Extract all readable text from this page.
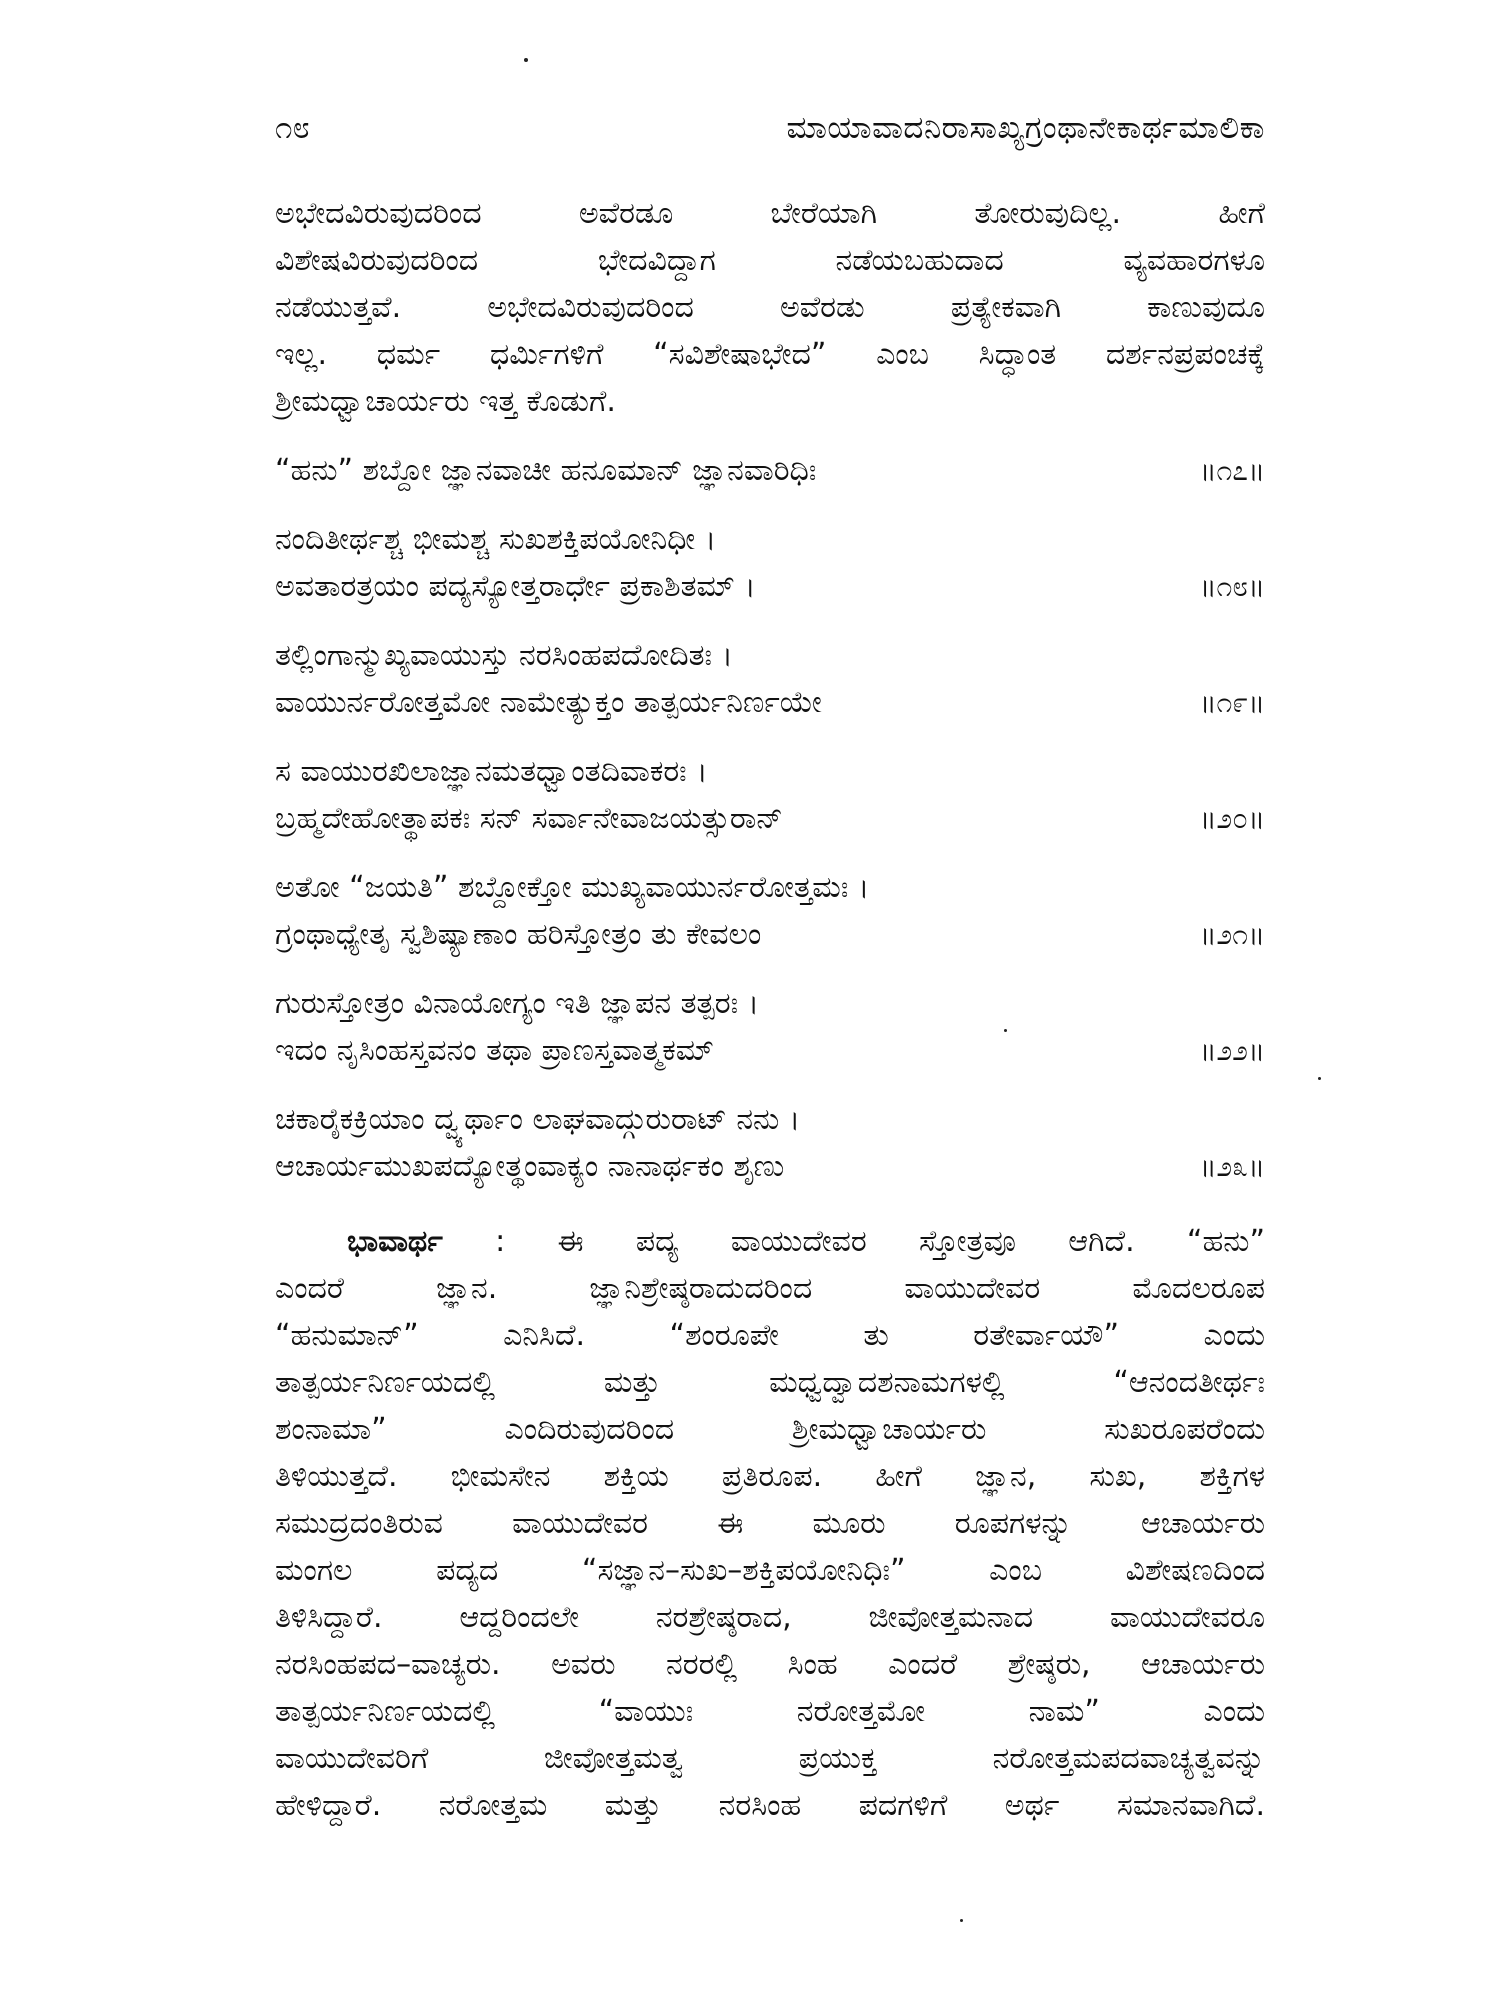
೧೮	ಮಾಯಾವಾದನಿರಾಸಾಖ್ಯಗ್ರಂಥಾನೇಕಾರ್ಥಮಾಲಿಕಾ

ಅಭೇದವಿರುವುದರಿಂದ ಅವೆರಡೂ ಬೇರೆಯಾಗಿ ತೋರುವುದಿಲ್ಲ. ಹೀಗೆ
ವಿಶೇಷವಿರುವುದರಿಂದ ಭೇದವಿದ್ದಾಗ ನಡೆಯಬಹುದಾದ ವ್ಯವಹಾರಗಳೂ
ನಡೆಯುತ್ತವೆ. ಅಭೇದವಿರುವುದರಿಂದ ಅವೆರಡು ಪ್ರತ್ಯೇಕವಾಗಿ ಕಾಣುವುದೂ
ಇಲ್ಲ. ಧರ್ಮ ಧರ್ಮಿಗಳಿಗೆ “ಸವಿಶೇಷಾಭೇದ” ಎಂಬ ಸಿದ್ಧಾಂತ ದರ್ಶನಪ್ರಪಂಚಕ್ಕೆ
ಶ್ರೀಮಧ್ವಾಚಾರ್ಯರು ಇತ್ತ ಕೊಡುಗೆ.

“ಹನು” ಶಬ್ದೋ ಜ್ಞಾನವಾಚೀ ಹನೂಮಾನ್ ಜ್ಞಾನವಾರಿಧಿಃ	॥೧೭॥
ನಂದಿತೀರ್ಥಶ್ಚ ಭೀಮಶ್ಚ ಸುಖಶಕ್ತಿಪಯೋನಿಧೀ ।
ಅವತಾರತ್ರಯಂ ಪದ್ಯಸ್ಯೋತ್ತರಾರ್ಧೇ ಪ್ರಕಾಶಿತಮ್ ।	॥೧೮॥
ತಲ್ಲಿಂಗಾನ್ಮುಖ್ಯವಾಯುಸ್ತು ನರಸಿಂಹಪದೋದಿತಃ ।
ವಾಯುರ್ನರೋತ್ತಮೋ ನಾಮೇತ್ಯುಕ್ತಂ ತಾತ್ಪರ್ಯನಿರ್ಣಯೇ	॥೧೯॥
ಸ ವಾಯುರಖಿಲಾಜ್ಞಾನಮತಧ್ವಾಂತದಿವಾಕರಃ ।
ಬ್ರಹ್ಮದೇಹೋತ್ಥಾಪಕಃ ಸನ್ ಸರ್ವಾನೇವಾಜಯತ್ಸುರಾನ್	॥೨೦॥
ಅತೋ “ಜಯತಿ” ಶಬ್ದೋಕ್ತೋ ಮುಖ್ಯವಾಯುರ್ನರೋತ್ತಮಃ ।
ಗ್ರಂಥಾಧ್ಯೇತೃ ಸ್ವಶಿಷ್ಯಾಣಾಂ ಹರಿಸ್ತೋತ್ರಂ ತು ಕೇವಲಂ	॥೨೧॥
ಗುರುಸ್ತೋತ್ರಂ ವಿನಾಯೋಗ್ಯಂ ಇತಿ ಜ್ಞಾಪನ ತತ್ಪರಃ ।
ಇದಂ ನೃಸಿಂಹಸ್ತವನಂ ತಥಾ ಪ್ರಾಣಸ್ತವಾತ್ಮಕಮ್	॥೨೨॥
ಚಕಾರೈಕಕ್ರಿಯಾಂ ದ್ವ್ಯರ್ಥಾಂ ಲಾಘವಾದ್ಗುರುರಾಟ್ ನನು ।
ಆಚಾರ್ಯಮುಖಪದ್ಯೋತ್ಥಂವಾಕ್ಯಂ ನಾನಾರ್ಥಕಂ ಶೃಣು	॥೨೩॥

ಭಾವಾರ್ಥ : ಈ ಪದ್ಯ ವಾಯುದೇವರ ಸ್ತೋತ್ರವೂ ಆಗಿದೆ. “ಹನು”
ಎಂದರೆ ಜ್ಞಾನ. ಜ್ಞಾನಿಶ್ರೇಷ್ಠರಾದುದರಿಂದ ವಾಯುದೇವರ ಮೊದಲರೂಪ
“ಹನುಮಾನ್” ಎನಿಸಿದೆ. “ಶಂರೂಪೇ ತು ರತೇರ್ವಾಯೌ” ಎಂದು
ತಾತ್ಪರ್ಯನಿರ್ಣಯದಲ್ಲಿ ಮತ್ತು ಮಧ್ವದ್ವಾದಶನಾಮಗಳಲ್ಲಿ “ಆನಂದತೀರ್ಥಃ
ಶಂನಾಮಾ” ಎಂದಿರುವುದರಿಂದ ಶ್ರೀಮಧ್ವಾಚಾರ್ಯರು ಸುಖರೂಪರೆಂದು
ತಿಳಿಯುತ್ತದೆ. ಭೀಮಸೇನ ಶಕ್ತಿಯ ಪ್ರತಿರೂಪ. ಹೀಗೆ ಜ್ಞಾನ, ಸುಖ, ಶಕ್ತಿಗಳ
ಸಮುದ್ರದಂತಿರುವ ವಾಯುದೇವರ ಈ ಮೂರು ರೂಪಗಳನ್ನು ಆಚಾರ್ಯರು
ಮಂಗಲ ಪದ್ಯದ “ಸಜ್ಞಾನ–ಸುಖ–ಶಕ್ತಿಪಯೋನಿಧಿಃ” ಎಂಬ ವಿಶೇಷಣದಿಂದ
ತಿಳಿಸಿದ್ದಾರೆ. ಆದ್ದರಿಂದಲೇ ನರಶ್ರೇಷ್ಠರಾದ, ಜೀವೋತ್ತಮನಾದ ವಾಯುದೇವರೂ
ನರಸಿಂಹಪದ–ವಾಚ್ಯರು. ಅವರು ನರರಲ್ಲಿ ಸಿಂಹ ಎಂದರೆ ಶ್ರೇಷ್ಠರು, ಆಚಾರ್ಯರು
ತಾತ್ಪರ್ಯನಿರ್ಣಯದಲ್ಲಿ “ವಾಯುಃ ನರೋತ್ತಮೋ ನಾಮ” ಎಂದು
ವಾಯುದೇವರಿಗೆ ಜೀವೋತ್ತಮತ್ವ ಪ್ರಯುಕ್ತ ನರೋತ್ತಮಪದವಾಚ್ಯತ್ವವನ್ನು
ಹೇಳಿದ್ದಾರೆ. ನರೋತ್ತಮ ಮತ್ತು ನರಸಿಂಹ ಪದಗಳಿಗೆ ಅರ್ಥ ಸಮಾನವಾಗಿದೆ.
